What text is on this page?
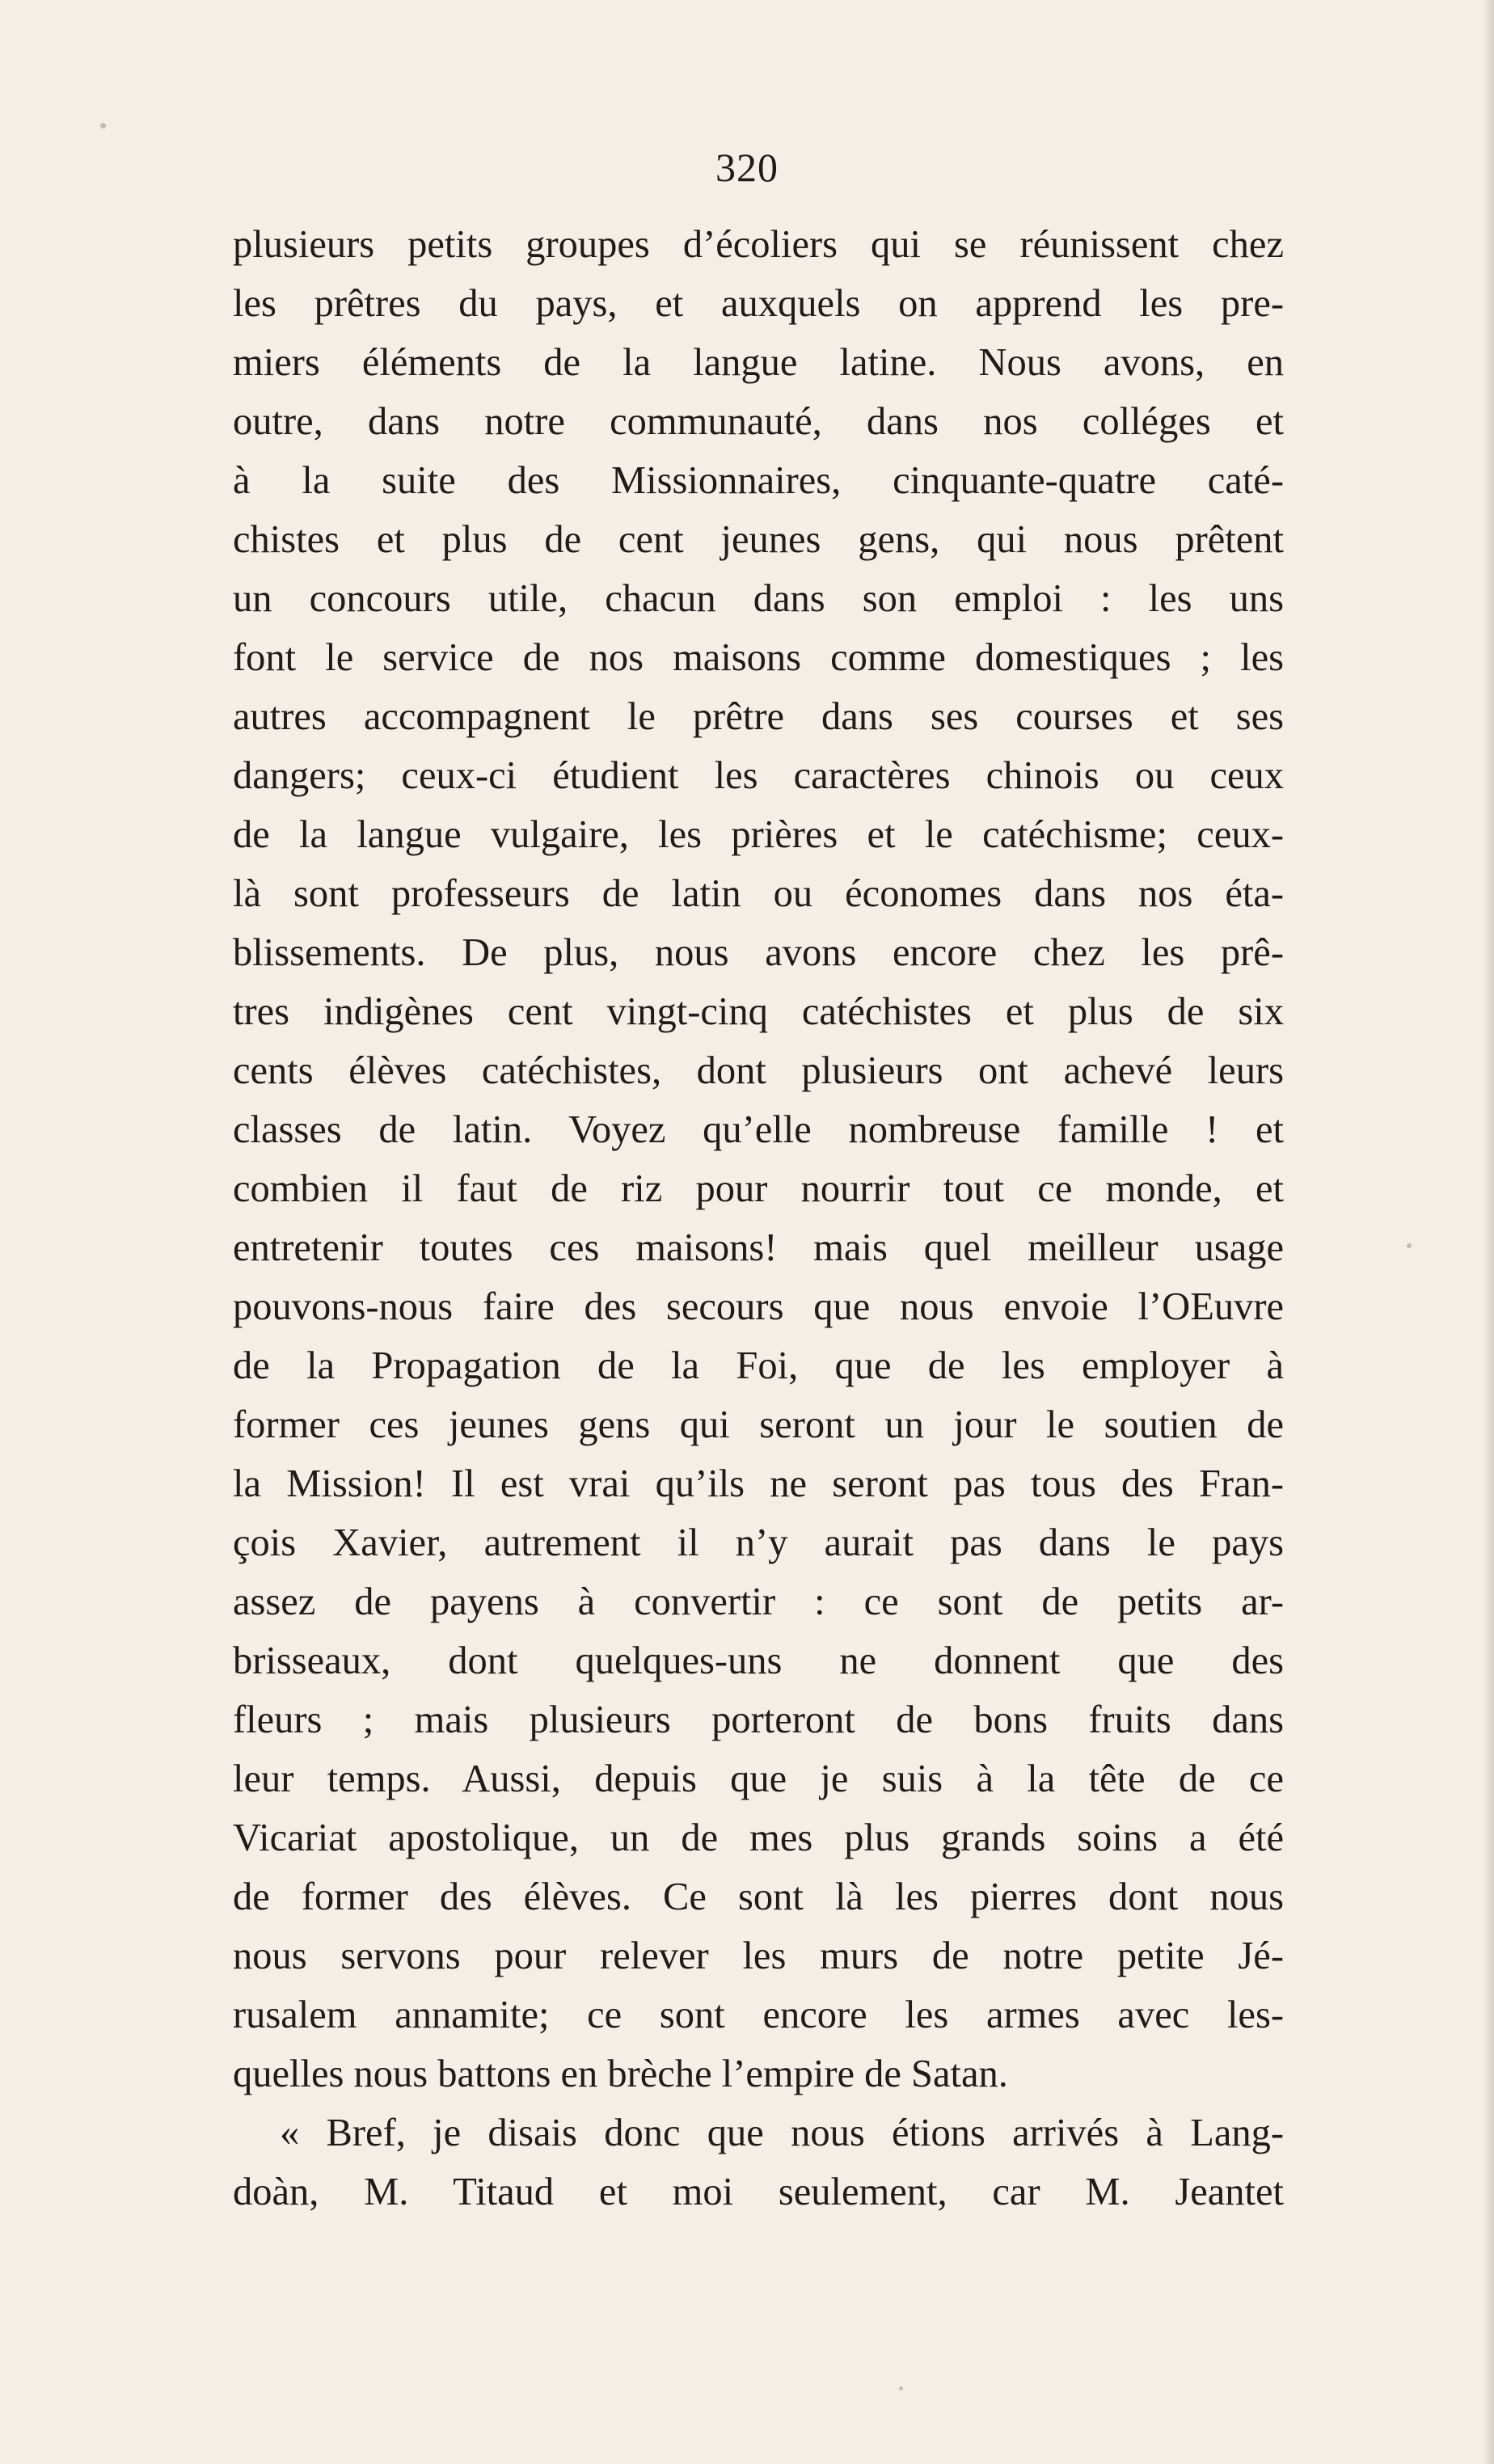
320

plusieurs petits groupes d’écoliers qui se réunissent chez

les prêtres du pays, et auxquels on apprend les pre-

miers éléments de la langue latine. Nous avons, en

outre, dans notre communauté, dans nos colléges et

à la suite des Missionnaires, cinquante-quatre caté-

chistes et plus de cent jeunes gens, qui nous prêtent

un concours utile, chacun dans son emploi : les uns

font le service de nos maisons comme domestiques ; les

autres accompagnent le prêtre dans ses courses et ses

dangers; ceux-ci étudient les caractères chinois ou ceux

de la langue vulgaire, les prières et le catéchisme; ceux-

là sont professeurs de latin ou économes dans nos éta-

blissements. De plus, nous avons encore chez les prê-

tres indigènes cent vingt-cinq catéchistes et plus de six

cents élèves catéchistes, dont plusieurs ont achevé leurs

classes de latin. Voyez qu’elle nombreuse famille ! et

combien il faut de riz pour nourrir tout ce monde, et

entretenir toutes ces maisons! mais quel meilleur usage

pouvons-nous faire des secours que nous envoie l’OEuvre

de la Propagation de la Foi, que de les employer à

former ces jeunes gens qui seront un jour le soutien de

la Mission! Il est vrai qu’ils ne seront pas tous des Fran-

çois Xavier, autrement il n’y aurait pas dans le pays

assez de payens à convertir : ce sont de petits ar-

brisseaux, dont quelques-uns ne donnent que des

fleurs ; mais plusieurs porteront de bons fruits dans

leur temps. Aussi, depuis que je suis à la tête de ce

Vicariat apostolique, un de mes plus grands soins a été

de former des élèves. Ce sont là les pierres dont nous

nous servons pour relever les murs de notre petite Jé-

rusalem annamite; ce sont encore les armes avec les-

quelles nous battons en brèche l’empire de Satan.

« Bref, je disais donc que nous étions arrivés à Lang-

doàn, M. Titaud et moi seulement, car M. Jeantet
